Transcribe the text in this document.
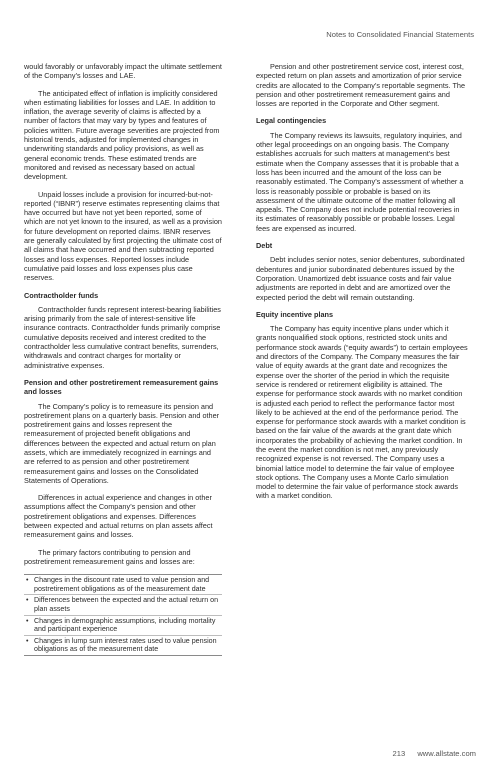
Notes to Consolidated Financial Statements

would favorably or unfavorably impact the ultimate settlement of the Company’s losses and LAE.

The anticipated effect of inflation is implicitly considered when estimating liabilities for losses and LAE. In addition to inflation, the average severity of claims is affected by a number of factors that may vary by types and features of policies written. Future average severities are projected from historical trends, adjusted for implemented changes in underwriting standards and policy provisions, as well as general economic trends. These estimated trends are monitored and revised as necessary based on actual development.

Unpaid losses include a provision for incurred-but-not-reported (“IBNR”) reserve estimates representing claims that have occurred but have not yet been reported, some of which are not yet known to the insured, as well as a provision for future development on reported claims. IBNR reserves are generally calculated by first projecting the ultimate cost of all claims that have occurred and then subtracting reported losses and loss expenses. Reported losses include cumulative paid losses and loss expenses plus case reserves.

Contractholder funds

Contractholder funds represent interest-bearing liabilities arising primarily from the sale of interest-sensitive life insurance contracts. Contractholder funds primarily comprise cumulative deposits received and interest credited to the contractholder less cumulative contract benefits, surrenders, withdrawals and contract charges for mortality or administrative expenses.

Pension and other postretirement remeasurement gains and losses

The Company’s policy is to remeasure its pension and postretirement plans on a quarterly basis. Pension and other postretirement gains and losses represent the remeasurement of projected benefit obligations and differences between the expected and actual return on plan assets, which are immediately recognized in earnings and are referred to as pension and other postretirement remeasurement gains and losses on the Consolidated Statements of Operations.

Differences in actual experience and changes in other assumptions affect the Company’s pension and other postretirement obligations and expenses. Differences between expected and actual returns on plan assets affect remeasurement gains and losses.

The primary factors contributing to pension and postretirement remeasurement gains and losses are:

• Changes in the discount rate used to value pension and postretirement obligations as of the measurement date
• Differences between the expected and the actual return on plan assets
• Changes in demographic assumptions, including mortality and participant experience
• Changes in lump sum interest rates used to value pension obligations as of the measurement date

Pension and other postretirement service cost, interest cost, expected return on plan assets and amortization of prior service credits are allocated to the Company’s reportable segments. The pension and other postretirement remeasurement gains and losses are reported in the Corporate and Other segment.

Legal contingencies

The Company reviews its lawsuits, regulatory inquiries, and other legal proceedings on an ongoing basis. The Company establishes accruals for such matters at management’s best estimate when the Company assesses that it is probable that a loss has been incurred and the amount of the loss can be reasonably estimated. The Company’s assessment of whether a loss is reasonably possible or probable is based on its assessment of the ultimate outcome of the matter following all appeals. The Company does not include potential recoveries in its estimates of reasonably possible or probable losses. Legal fees are expensed as incurred.

Debt

Debt includes senior notes, senior debentures, subordinated debentures and junior subordinated debentures issued by the Corporation. Unamortized debt issuance costs and fair value adjustments are reported in debt and are amortized over the expected period the debt will remain outstanding.

Equity incentive plans

The Company has equity incentive plans under which it grants nonqualified stock options, restricted stock units and performance stock awards (“equity awards”) to certain employees and directors of the Company. The Company measures the fair value of equity awards at the grant date and recognizes the expense over the shorter of the period in which the requisite service is rendered or retirement eligibility is attained. The expense for performance stock awards with no market condition is adjusted each period to reflect the performance factor most likely to be achieved at the end of the performance period. The expense for performance stock awards with a market condition is based on the fair value of the awards at the grant date which incorporates the probability of achieving the market condition. In the event the market condition is not met, any previously recognized expense is not reversed. The Company uses a binomial lattice model to determine the fair value of employee stock options. The Company uses a Monte Carlo simulation model to determine the fair value of performance stock awards with a market condition.

213 www.allstate.com
